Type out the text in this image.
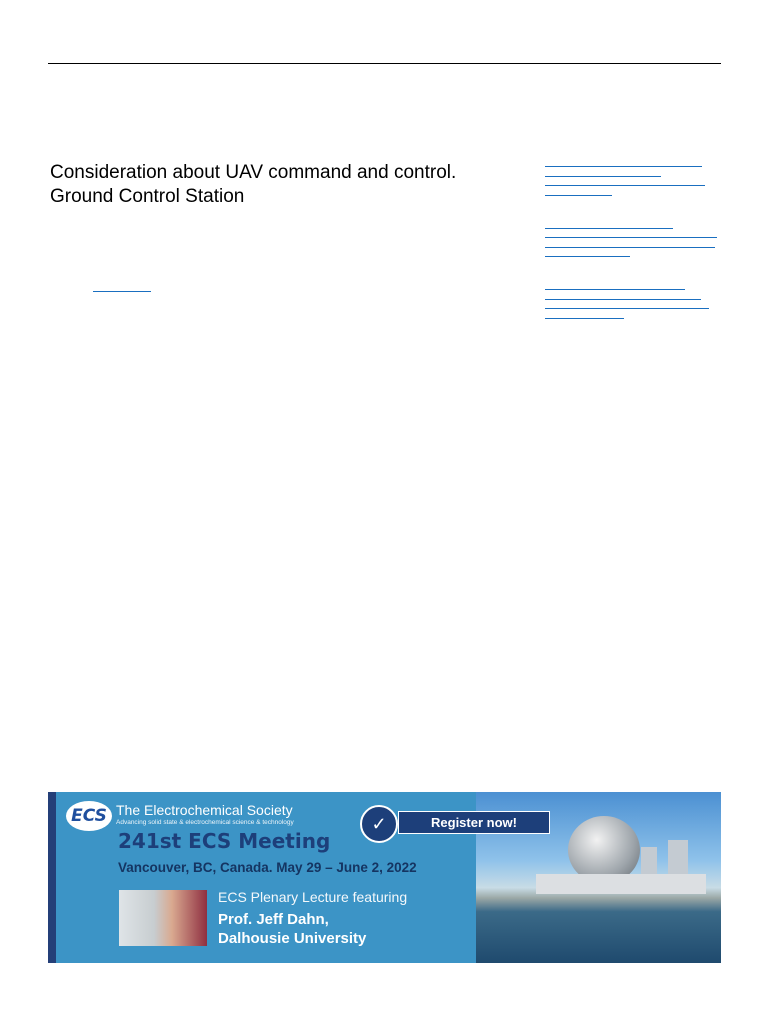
Consideration about UAV command and control.
Ground Control Station
ECS The Electrochemical Society
Advancing solid state & electrochemical science & technology
241st ECS Meeting
Vancouver, BC, Canada. May 29 – June 2, 2022
ECS Plenary Lecture featuring
Prof. Jeff Dahn,
Dalhousie University
✓	Register now!
